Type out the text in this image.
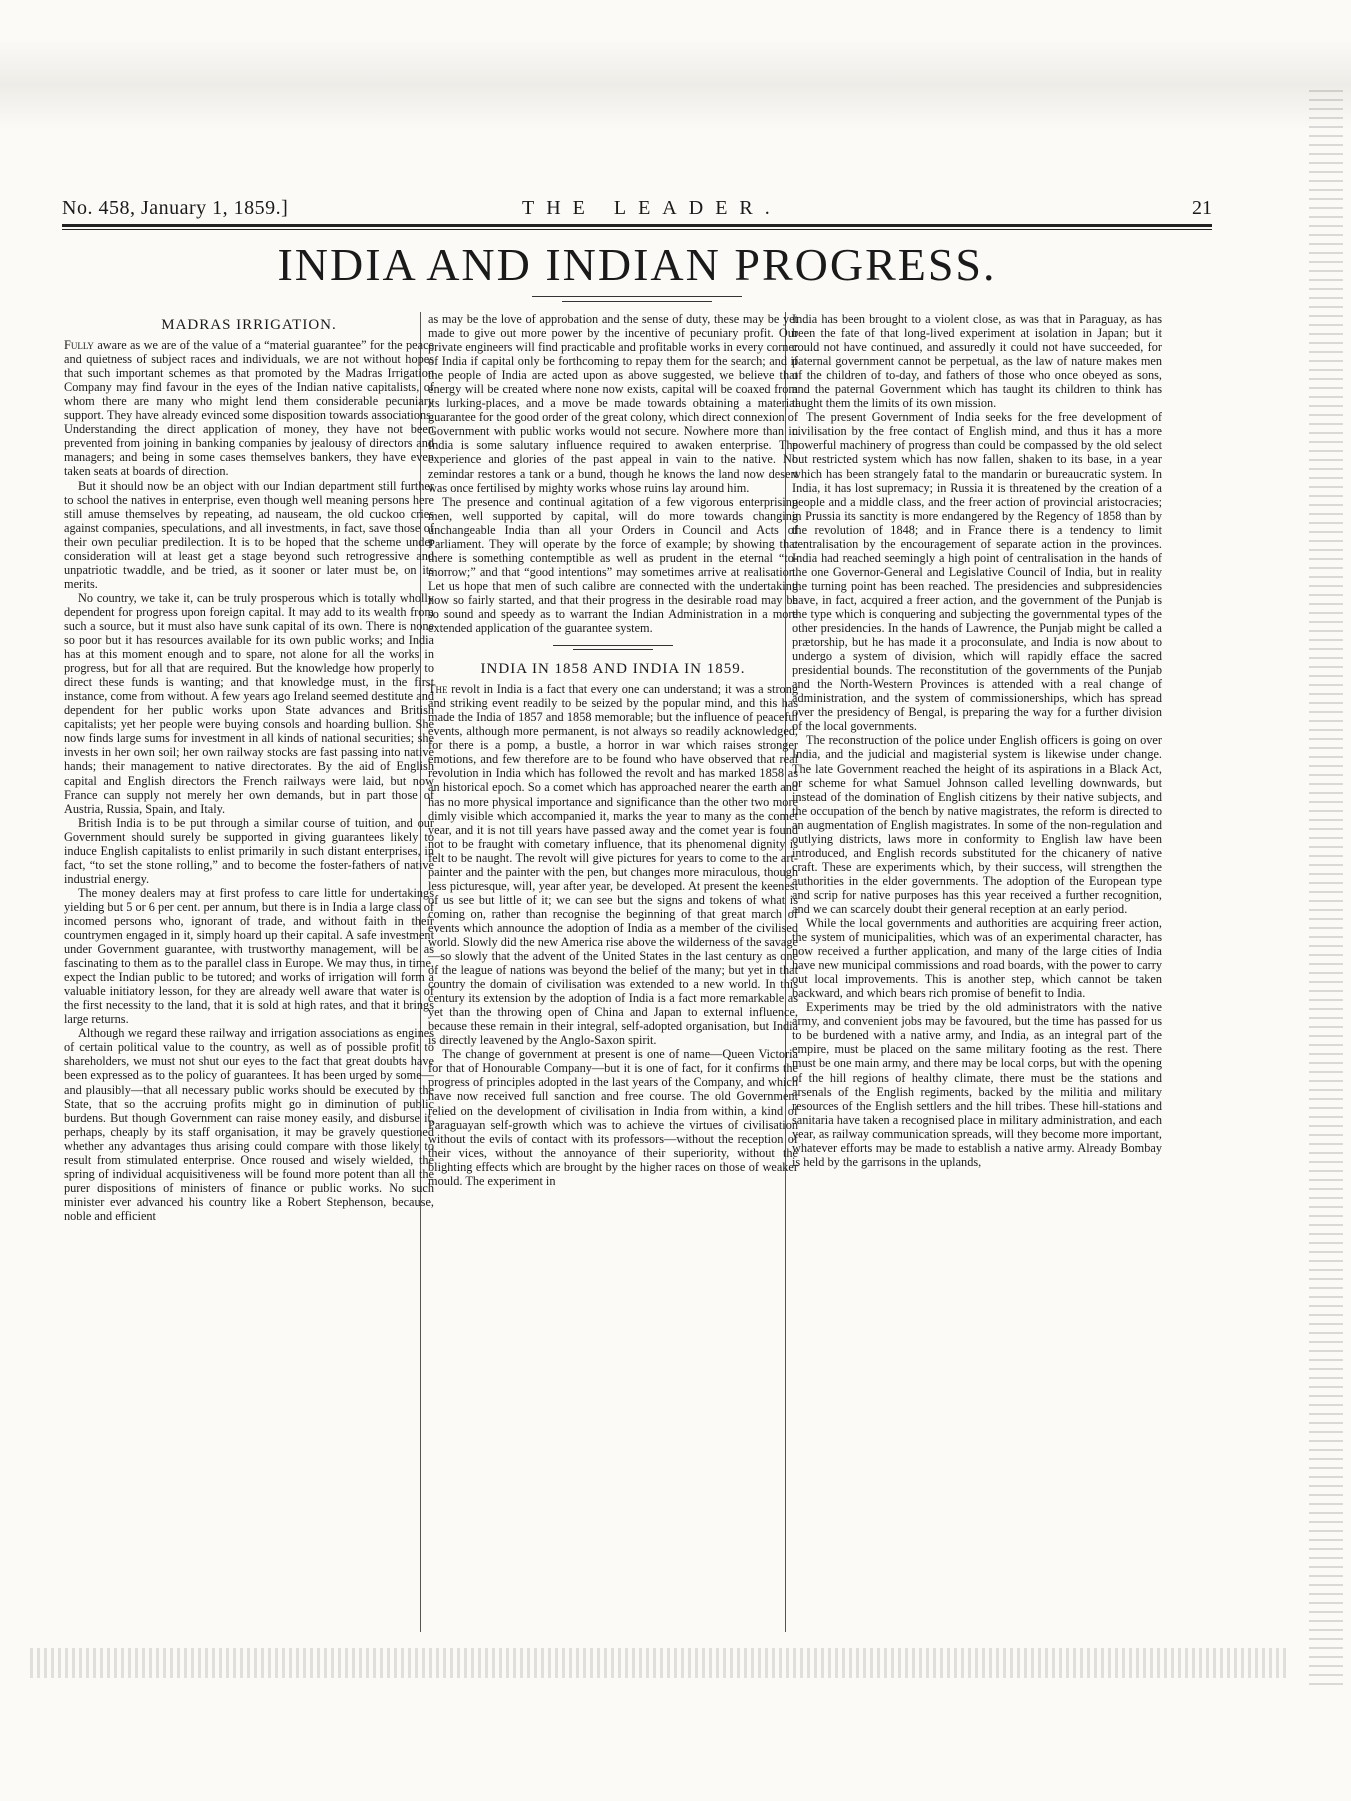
No. 458, January 1, 1859.]	THE LEADER.	21
INDIA AND INDIAN PROGRESS.
MADRAS IRRIGATION.

Fully aware as we are of the value of a “material guarantee” for the peace and quietness of subject races and individuals, we are not without hopes that such important schemes as that promoted by the Madras Irrigation Company may find favour in the eyes of the Indian native capitalists, of whom there are many who might lend them considerable pecuniary support. They have already evinced some disposition towards associations. Understanding the direct application of money, they have not been prevented from joining in banking companies by jealousy of directors and managers; and being in some cases themselves bankers, they have even taken seats at boards of direction.

But it should now be an object with our Indian department still further to school the natives in enterprise, even though well meaning persons here still amuse themselves by repeating, ad nauseam, the old cuckoo cries against companies, speculations, and all investments, in fact, save those of their own peculiar predilection. It is to be hoped that the scheme under consideration will at least get a stage beyond such retrogressive and unpatriotic twaddle, and be tried, as it sooner or later must be, on its merits.

No country, we take it, can be truly prosperous which is totally wholly dependent for progress upon foreign capital. It may add to its wealth from such a source, but it must also have sunk capital of its own. There is none so poor but it has resources available for its own public works; and India has at this moment enough and to spare, not alone for all the works in progress, but for all that are required. But the knowledge how properly to direct these funds is wanting; and that knowledge must, in the first instance, come from without. A few years ago Ireland seemed destitute and dependent for her public works upon State advances and British capitalists; yet her people were buying consols and hoarding bullion. She now finds large sums for investment in all kinds of national securities; she invests in her own soil; her own railway stocks are fast passing into native hands; their management to native directorates. By the aid of English capital and English directors the French railways were laid, but now France can supply not merely her own demands, but in part those of Austria, Russia, Spain, and Italy.

British India is to be put through a similar course of tuition, and our Government should surely be supported in giving guarantees likely to induce English capitalists to enlist primarily in such distant enterprises, in fact, “to set the stone rolling,” and to become the foster-fathers of native industrial energy.

The money dealers may at first profess to care little for undertakings yielding but 5 or 6 per cent. per annum, but there is in India a large class of incomed persons who, ignorant of trade, and without faith in their countrymen engaged in it, simply hoard up their capital. A safe investment under Government guarantee, with trustworthy management, will be as fascinating to them as to the parallel class in Europe. We may thus, in time, expect the Indian public to be tutored; and works of irrigation will form a valuable initiatory lesson, for they are already well aware that water is of the first necessity to the land, that it is sold at high rates, and that it brings large returns.

Although we regard these railway and irrigation associations as engines of certain political value to the country, as well as of possible profit to shareholders, we must not shut our eyes to the fact that great doubts have been expressed as to the policy of guarantees. It has been urged by some—and plausibly—that all necessary public works should be executed by the State, that so the accruing profits might go in diminution of public burdens. But though Government can raise money easily, and disburse it, perhaps, cheaply by its staff organisation, it may be gravely questioned whether any advantages thus arising could compare with those likely to result from stimulated enterprise. Once roused and wisely wielded, the spring of individual acquisitiveness will be found more potent than all the purer dispositions of ministers of finance or public works. No such minister ever advanced his country like a Robert Stephenson, because, noble and efficient

as may be the love of approbation and the sense of duty, these may be yet made to give out more power by the incentive of pecuniary profit. Our private engineers will find practicable and profitable works in every corner of India if capital only be forthcoming to repay them for the search; and if the people of India are acted upon as above suggested, we believe that energy will be created where none now exists, capital will be coaxed from its lurking-places, and a move be made towards obtaining a material guarantee for the good order of the great colony, which direct connexion of Government with public works would not secure. Nowhere more than in India is some salutary influence required to awaken enterprise. The experience and glories of the past appeal in vain to the native. No zemindar restores a tank or a bund, though he knows the land now desert was once fertilised by mighty works whose ruins lay around him.

The presence and continual agitation of a few vigorous enterprising men, well supported by capital, will do more towards changing unchangeable India than all your Orders in Council and Acts of Parliament. They will operate by the force of example; by showing that there is something contemptible as well as prudent in the eternal “to-morrow;” and that “good intentions” may sometimes arrive at realisation. Let us hope that men of such calibre are connected with the undertaking now so fairly started, and that their progress in the desirable road may be so sound and speedy as to warrant the Indian Administration in a more extended application of the guarantee system.

INDIA IN 1858 AND INDIA IN 1859.

The revolt in India is a fact that every one can understand; it was a strong and striking event readily to be seized by the popular mind, and this has made the India of 1857 and 1858 memorable; but the influence of peaceful events, although more permanent, is not always so readily acknowledged, for there is a pomp, a bustle, a horror in war which raises stronger emotions, and few therefore are to be found who have observed that real revolution in India which has followed the revolt and has marked 1858 as an historical epoch. So a comet which has approached nearer the earth and has no more physical importance and significance than the other two more dimly visible which accompanied it, marks the year to many as the comet year, and it is not till years have passed away and the comet year is found not to be fraught with cometary influence, that its phenomenal dignity is felt to be naught. The revolt will give pictures for years to come to the art-painter and the painter with the pen, but changes more miraculous, though less picturesque, will, year after year, be developed. At present the keenest of us see but little of it; we can see but the signs and tokens of what is coming on, rather than recognise the beginning of that great march of events which announce the adoption of India as a member of the civilised world. Slowly did the new America rise above the wilderness of the savage—so slowly that the advent of the United States in the last century as one of the league of nations was beyond the belief of the many; but yet in that country the domain of civilisation was extended to a new world. In this century its extension by the adoption of India is a fact more remarkable as yet than the throwing open of China and Japan to external influence, because these remain in their integral, self-adopted organisation, but India is directly leavened by the Anglo-Saxon spirit.

The change of government at present is one of name—Queen Victoria for that of Honourable Company—but it is one of fact, for it confirms the progress of principles adopted in the last years of the Company, and which have now received full sanction and free course. The old Government relied on the development of civilisation in India from within, a kind of Paraguayan self-growth which was to achieve the virtues of civilisation without the evils of contact with its professors—without the reception of their vices, without the annoyance of their superiority, without the blighting effects which are brought by the higher races on those of weaker mould. The experiment in

India has been brought to a violent close, as was that in Paraguay, as has been the fate of that long-lived experiment at isolation in Japan; but it could not have continued, and assuredly it could not have succeeded, for paternal government cannot be perpetual, as the law of nature makes men of the children of to-day, and fathers of those who once obeyed as sons, and the paternal Government which has taught its children to think has taught them the limits of its own mission.

The present Government of India seeks for the free development of civilisation by the free contact of English mind, and thus it has a more powerful machinery of progress than could be compassed by the old select but restricted system which has now fallen, shaken to its base, in a year which has been strangely fatal to the mandarin or bureaucratic system. In India, it has lost supremacy; in Russia it is threatened by the creation of a people and a middle class, and the freer action of provincial aristocracies; in Prussia its sanctity is more endangered by the Regency of 1858 than by the revolution of 1848; and in France there is a tendency to limit centralisation by the encouragement of separate action in the provinces. India had reached seemingly a high point of centralisation in the hands of the one Governor-General and Legislative Council of India, but in reality the turning point has been reached. The presidencies and subpresidencies have, in fact, acquired a freer action, and the government of the Punjab is the type which is conquering and subjecting the governmental types of the other presidencies. In the hands of Lawrence, the Punjab might be called a prætorship, but he has made it a proconsulate, and India is now about to undergo a system of division, which will rapidly efface the sacred presidential bounds. The reconstitution of the governments of the Punjab and the North-Western Provinces is attended with a real change of administration, and the system of commissionerships, which has spread over the presidency of Bengal, is preparing the way for a further division of the local governments.

The reconstruction of the police under English officers is going on over India, and the judicial and magisterial system is likewise under change. The late Government reached the height of its aspirations in a Black Act, or scheme for what Samuel Johnson called levelling downwards, but instead of the domination of English citizens by their native subjects, and the occupation of the bench by native magistrates, the reform is directed to an augmentation of English magistrates. In some of the non-regulation and outlying districts, laws more in conformity to English law have been introduced, and English records substituted for the chicanery of native craft. These are experiments which, by their success, will strengthen the authorities in the elder governments. The adoption of the European type and scrip for native purposes has this year received a further recognition, and we can scarcely doubt their general reception at an early period.

While the local governments and authorities are acquiring freer action, the system of municipalities, which was of an experimental character, has now received a further application, and many of the large cities of India have new municipal commissions and road boards, with the power to carry out local improvements. This is another step, which cannot be taken backward, and which bears rich promise of benefit to India.

Experiments may be tried by the old administrators with the native army, and convenient jobs may be favoured, but the time has passed for us to be burdened with a native army, and India, as an integral part of the empire, must be placed on the same military footing as the rest. There must be one main army, and there may be local corps, but with the opening of the hill regions of healthy climate, there must be the stations and arsenals of the English regiments, backed by the militia and military resources of the English settlers and the hill tribes. These hill-stations and sanitaria have taken a recognised place in military administration, and each year, as railway communication spreads, will they become more important, whatever efforts may be made to establish a native army. Already Bombay is held by the garrisons in the uplands,
